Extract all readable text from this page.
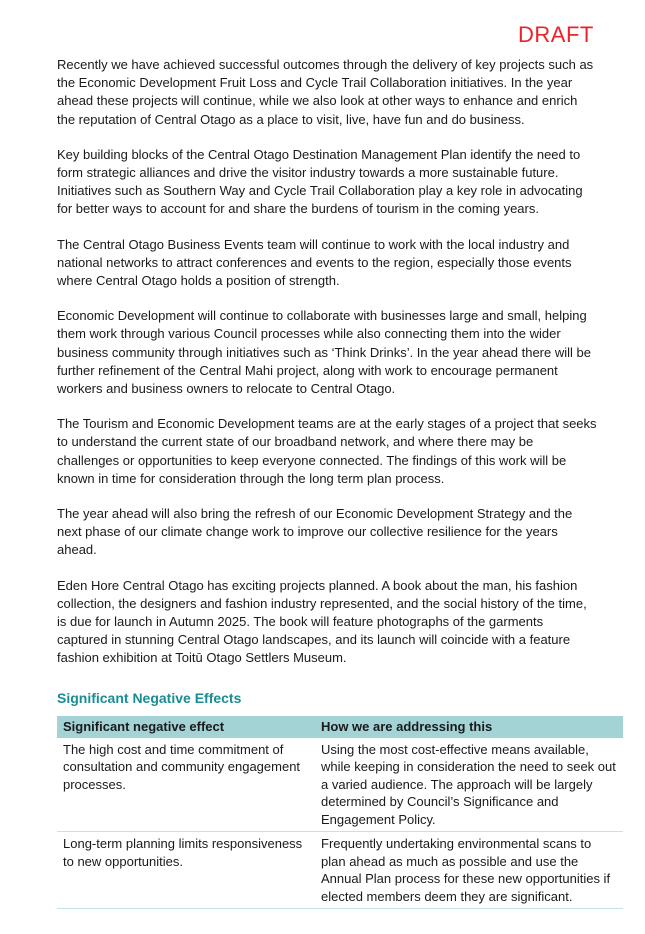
DRAFT

Recently we have achieved successful outcomes through the delivery of key projects such as the Economic Development Fruit Loss and Cycle Trail Collaboration initiatives. In the year ahead these projects will continue, while we also look at other ways to enhance and enrich the reputation of Central Otago as a place to visit, live, have fun and do business.

Key building blocks of the Central Otago Destination Management Plan identify the need to form strategic alliances and drive the visitor industry towards a more sustainable future. Initiatives such as Southern Way and Cycle Trail Collaboration play a key role in advocating for better ways to account for and share the burdens of tourism in the coming years.

The Central Otago Business Events team will continue to work with the local industry and national networks to attract conferences and events to the region, especially those events where Central Otago holds a position of strength.

Economic Development will continue to collaborate with businesses large and small, helping them work through various Council processes while also connecting them into the wider business community through initiatives such as ‘Think Drinks’. In the year ahead there will be further refinement of the Central Mahi project, along with work to encourage permanent workers and business owners to relocate to Central Otago.

The Tourism and Economic Development teams are at the early stages of a project that seeks to understand the current state of our broadband network, and where there may be challenges or opportunities to keep everyone connected. The findings of this work will be known in time for consideration through the long term plan process.

The year ahead will also bring the refresh of our Economic Development Strategy and the next phase of our climate change work to improve our collective resilience for the years ahead.

Eden Hore Central Otago has exciting projects planned. A book about the man, his fashion collection, the designers and fashion industry represented, and the social history of the time, is due for launch in Autumn 2025. The book will feature photographs of the garments captured in stunning Central Otago landscapes, and its launch will coincide with a feature fashion exhibition at Toitū Otago Settlers Museum.

Significant Negative Effects
Significant negative effect	How we are addressing this
The high cost and time commitment of consultation and community engagement processes.	Using the most cost-effective means available, while keeping in consideration the need to seek out a varied audience. The approach will be largely determined by Council’s Significance and Engagement Policy.
Long-term planning limits responsiveness to new opportunities.	Frequently undertaking environmental scans to plan ahead as much as possible and use the Annual Plan process for these new opportunities if elected members deem they are significant.
